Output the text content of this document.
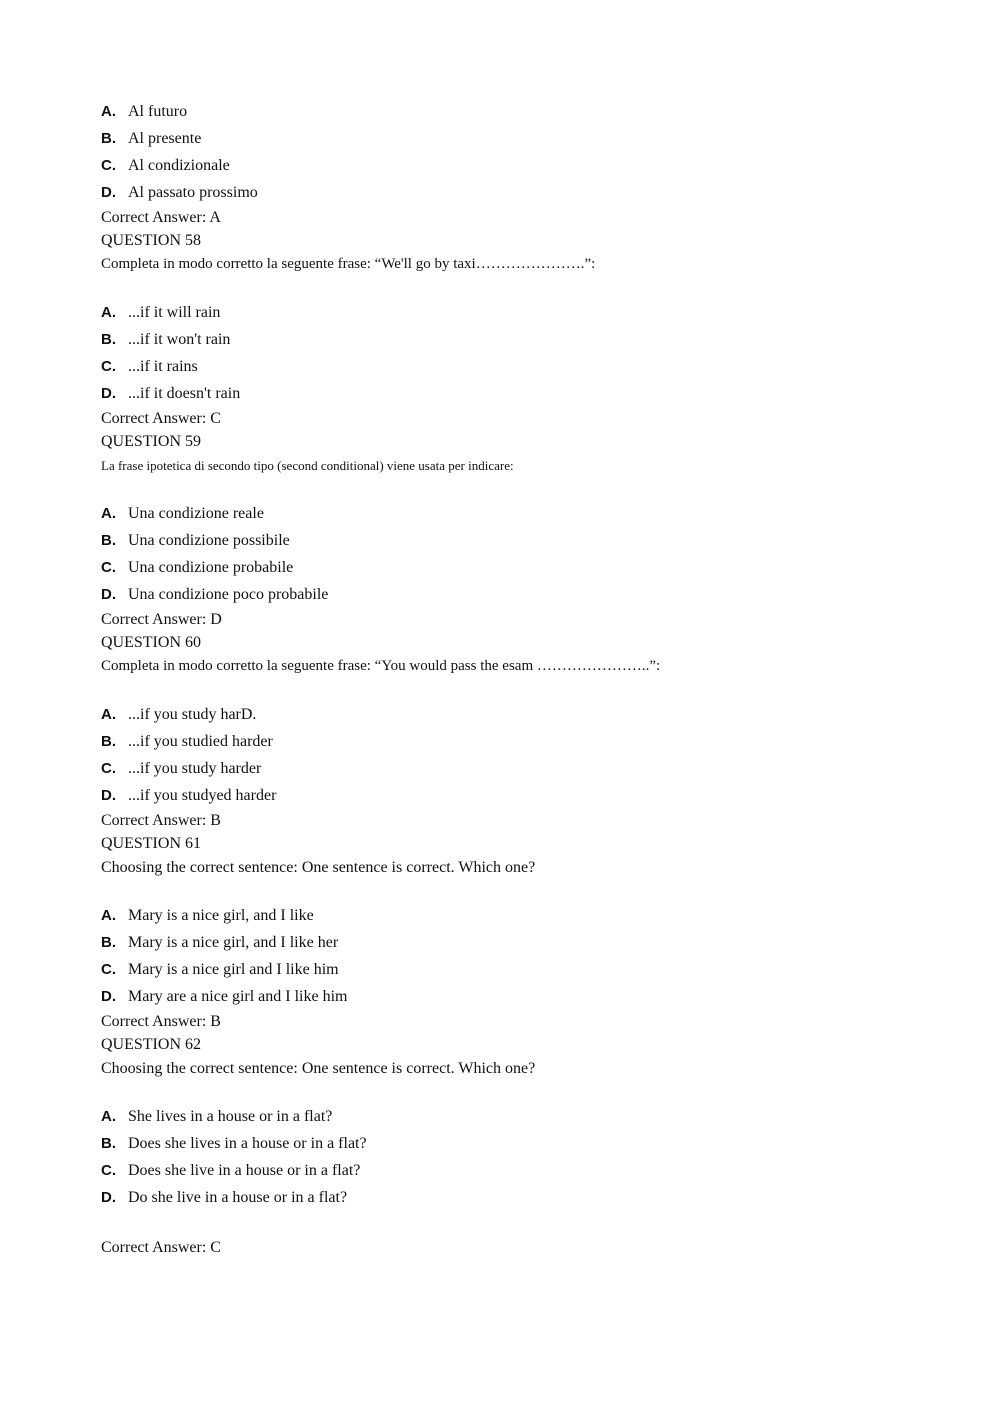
A. Al futuro
B. Al presente
C. Al condizionale
D. Al passato prossimo
Correct Answer: A
QUESTION 58
Completa in modo corretto la seguente frase: “We'll go by taxi………………….”:
A. ...if it will rain
B. ...if it won't rain
C. ...if it rains
D. ...if it doesn't rain
Correct Answer: C
QUESTION 59
La frase ipotetica di secondo tipo (second conditional) viene usata per indicare:
A. Una condizione reale
B. Una condizione possibile
C. Una condizione probabile
D. Una condizione poco probabile
Correct Answer: D
QUESTION 60
Completa in modo corretto la seguente frase: “You would pass the esam …………………..”:
A. ...if you study harD.
B. ...if you studied harder
C. ...if you study harder
D. ...if you studyed harder
Correct Answer: B
QUESTION 61
Choosing the correct sentence: One sentence is correct. Which one?
A. Mary is a nice girl, and I like
B. Mary is a nice girl, and I like her
C. Mary is a nice girl and I like him
D. Mary are a nice girl and I like him
Correct Answer: B
QUESTION 62
Choosing the correct sentence: One sentence is correct. Which one?
A. She lives in a house or in a flat?
B. Does she lives in a house or in a flat?
C. Does she live in a house or in a flat?
D. Do she live in a house or in a flat?
Correct Answer: C
